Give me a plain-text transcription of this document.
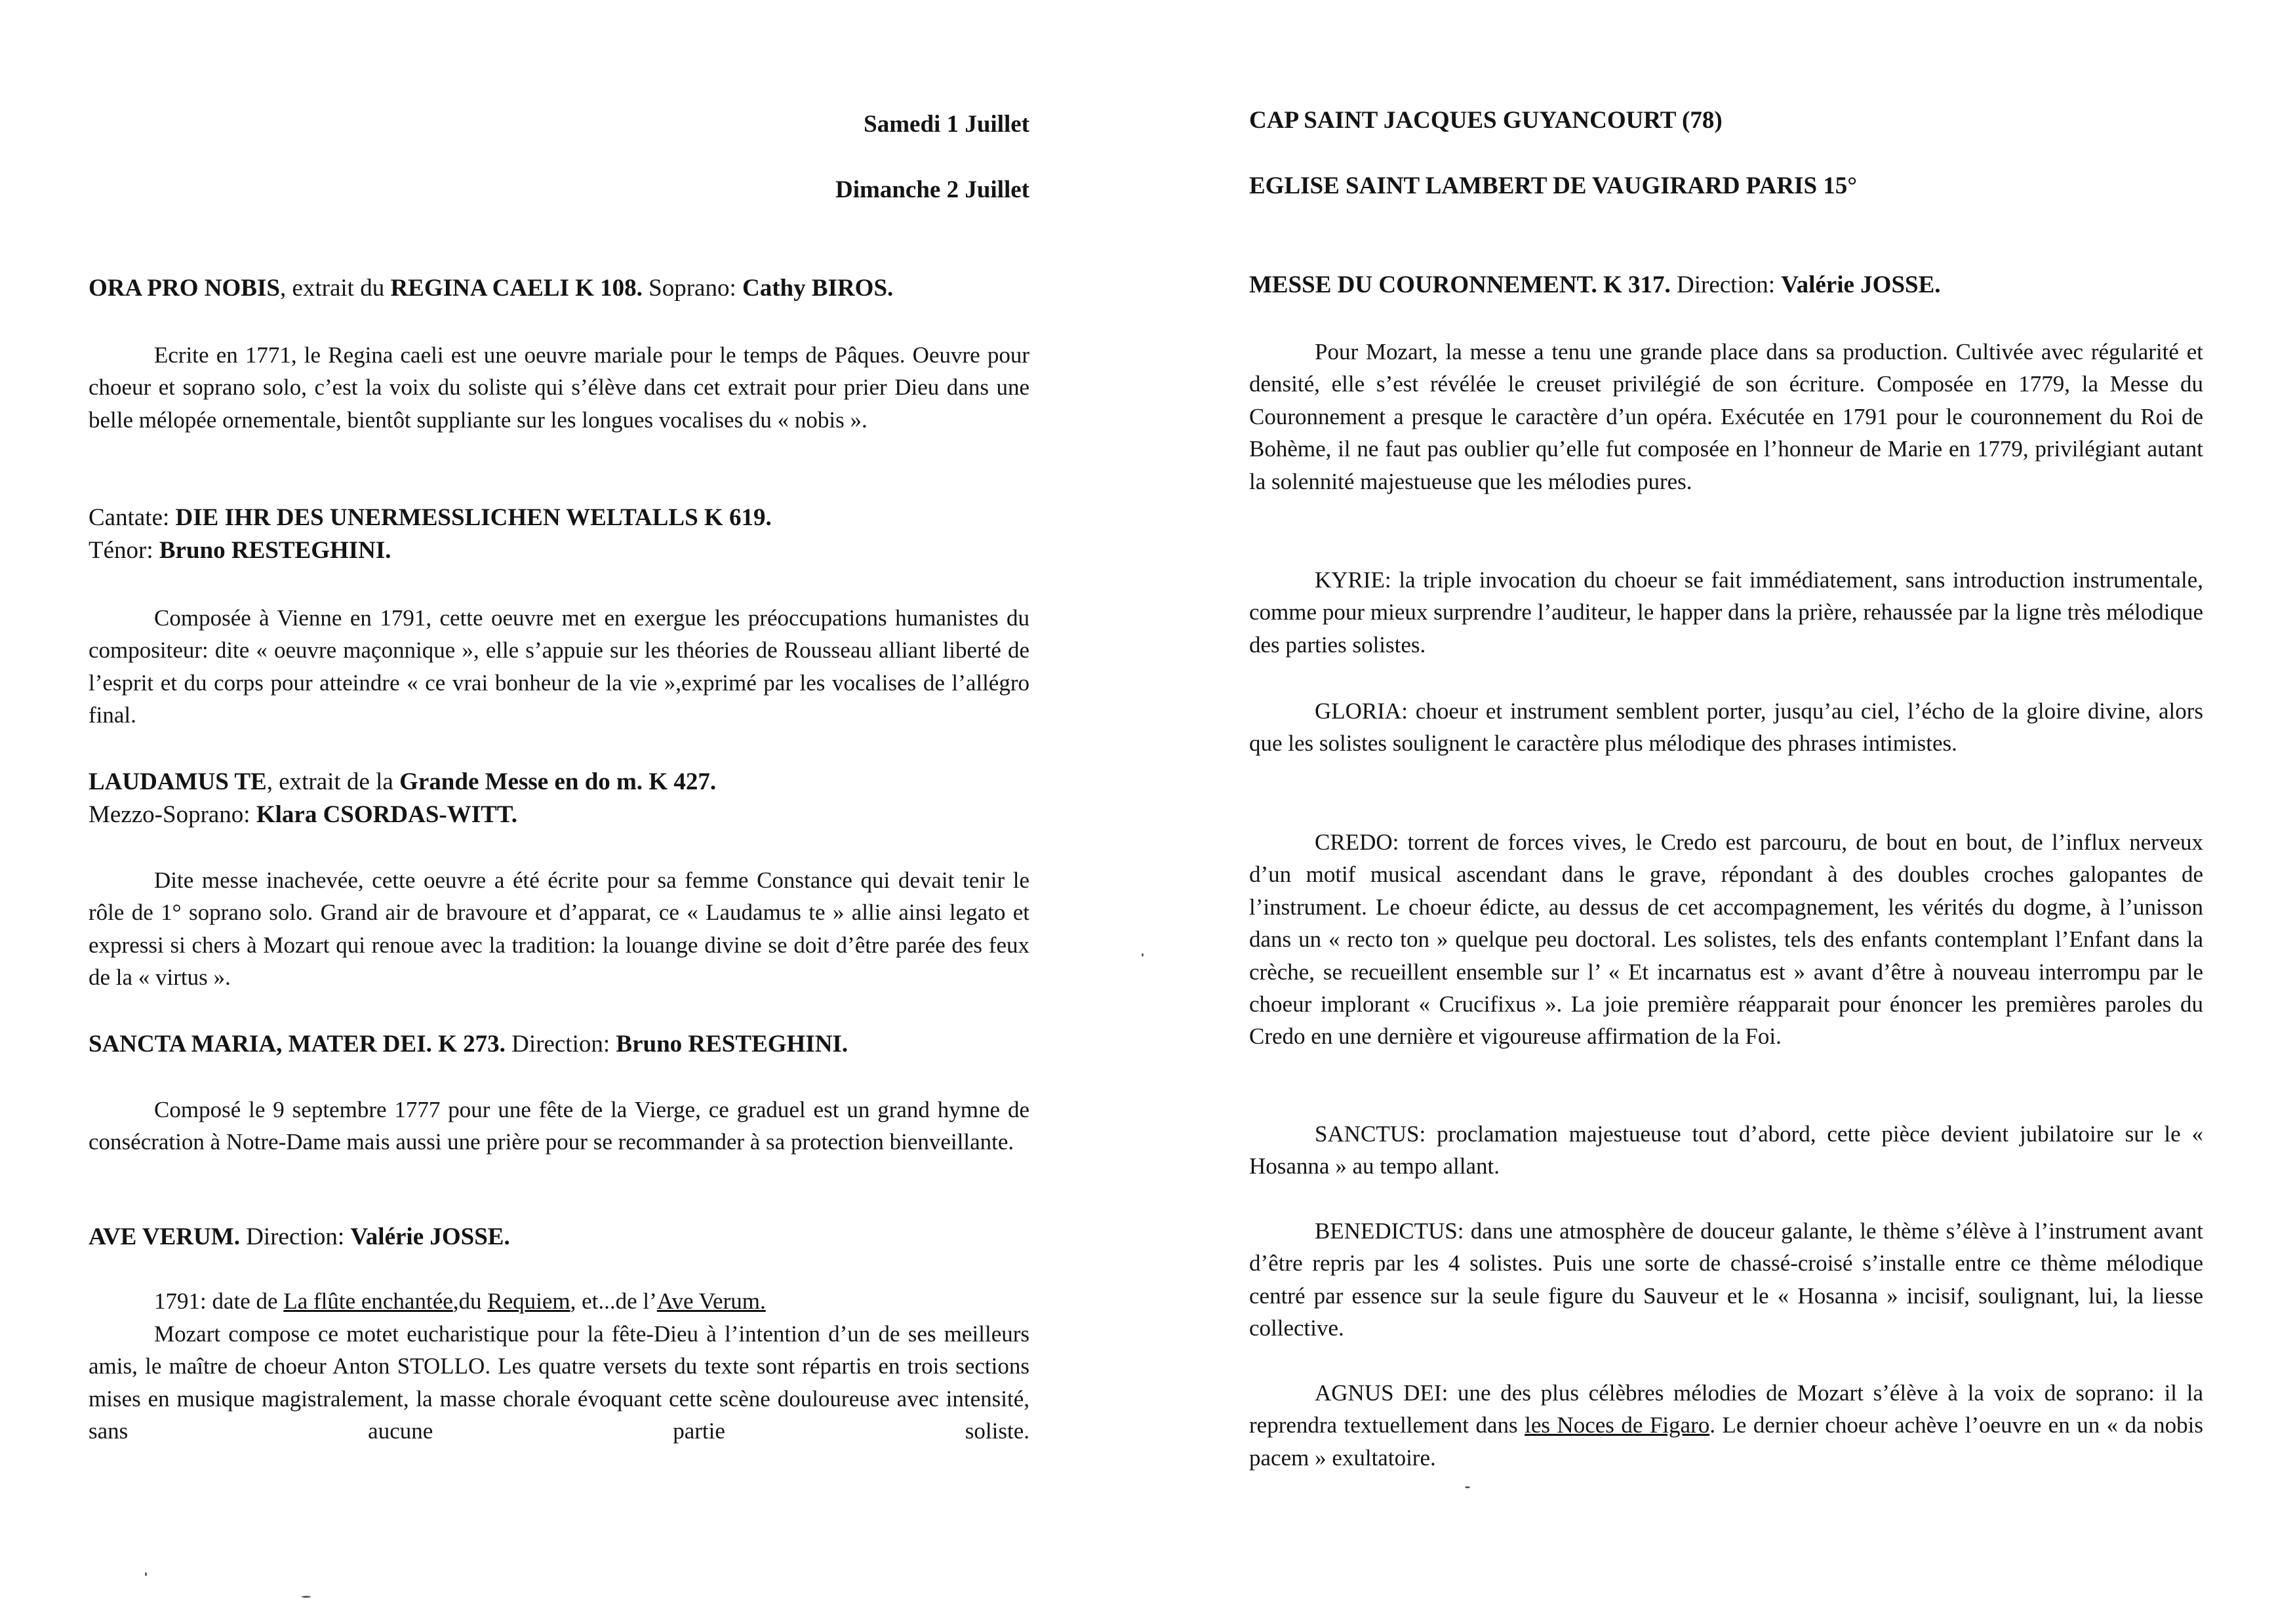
Samedi 1 Juillet

Dimanche 2 Juillet

ORA PRO NOBIS, extrait du REGINA CAELI K 108. Soprano: Cathy BIROS.

Ecrite en 1771, le Regina caeli est une oeuvre mariale pour le temps de Pâques. Oeuvre pour choeur et soprano solo, c’est la voix du soliste qui s’élève dans cet extrait pour prier Dieu dans une belle mélopée ornementale, bientôt suppliante sur les longues vocalises du « nobis ».

Cantate: DIE IHR DES UNERMESSLICHEN WELTALLS K 619.
Ténor: Bruno RESTEGHINI.

Composée à Vienne en 1791, cette oeuvre met en exergue les préoccupations humanistes du compositeur: dite « oeuvre maçonnique », elle s’appuie sur les théories de Rousseau alliant liberté de l’esprit et du corps pour atteindre « ce vrai bonheur de la vie »,exprimé par les vocalises de l’allégro final.

LAUDAMUS TE, extrait de la Grande Messe en do m. K 427.
Mezzo-Soprano: Klara CSORDAS-WITT.

Dite messe inachevée, cette oeuvre a été écrite pour sa femme Constance qui devait tenir le rôle de 1° soprano solo. Grand air de bravoure et d’apparat, ce « Laudamus te » allie ainsi legato et expressi si chers à Mozart qui renoue avec la tradition: la louange divine se doit d’être parée des feux de la « virtus ».

SANCTA MARIA, MATER DEI. K 273. Direction: Bruno RESTEGHINI.

Composé le 9 septembre 1777 pour une fête de la Vierge, ce graduel est un grand hymne de consécration à Notre-Dame mais aussi une prière pour se recommander à sa protection bienveillante.

AVE VERUM. Direction: Valérie JOSSE.

1791: date de La flûte enchantée,du Requiem, et...de l’Ave Verum.

Mozart compose ce motet eucharistique pour la fête-Dieu à l’intention d’un de ses meilleurs amis, le maître de choeur Anton STOLLO. Les quatre versets du texte sont répartis en trois sections mises en musique magistralement, la masse chorale évoquant cette scène douloureuse avec intensité, sans aucune partie soliste.

CAP SAINT JACQUES GUYANCOURT (78)

EGLISE SAINT LAMBERT DE VAUGIRARD PARIS 15°

MESSE DU COURONNEMENT. K 317. Direction: Valérie JOSSE.

Pour Mozart, la messe a tenu une grande place dans sa production. Cultivée avec régularité et densité, elle s’est révélée le creuset privilégié de son écriture. Composée en 1779, la Messe du Couronnement a presque le caractère d’un opéra. Exécutée en 1791 pour le couronnement du Roi de Bohème, il ne faut pas oublier qu’elle fut composée en l’honneur de Marie en 1779, privilégiant autant la solennité majestueuse que les mélodies pures.

KYRIE: la triple invocation du choeur se fait immédiatement, sans introduction instrumentale, comme pour mieux surprendre l’auditeur, le happer dans la prière, rehaussée par la ligne très mélodique des parties solistes.

GLORIA: choeur et instrument semblent porter, jusqu’au ciel, l’écho de la gloire divine, alors que les solistes soulignent le caractère plus mélodique des phrases intimistes.

CREDO: torrent de forces vives, le Credo est parcouru, de bout en bout, de l’influx nerveux d’un motif musical ascendant dans le grave, répondant à des doubles croches galopantes de l’instrument. Le choeur édicte, au dessus de cet accompagnement, les vérités du dogme, à l’unisson dans un « recto ton » quelque peu doctoral. Les solistes, tels des enfants contemplant l’Enfant dans la crèche, se recueillent ensemble sur l’ « Et incarnatus est » avant d’être à nouveau interrompu par le choeur implorant « Crucifixus ». La joie première réapparait pour énoncer les premières paroles du Credo en une dernière et vigoureuse affirmation de la Foi.

SANCTUS: proclamation majestueuse tout d’abord, cette pièce devient jubilatoire sur le « Hosanna » au tempo allant.

BENEDICTUS: dans une atmosphère de douceur galante, le thème s’élève à l’instrument avant d’être repris par les 4 solistes. Puis une sorte de chassé-croisé s’installe entre ce thème mélodique centré par essence sur la seule figure du Sauveur et le « Hosanna » incisif, soulignant, lui, la liesse collective.

AGNUS DEI: une des plus célèbres mélodies de Mozart s’élève à la voix de soprano: il la reprendra textuellement dans les Noces de Figaro. Le dernier choeur achève l’oeuvre en un « da nobis pacem » exultatoire.
